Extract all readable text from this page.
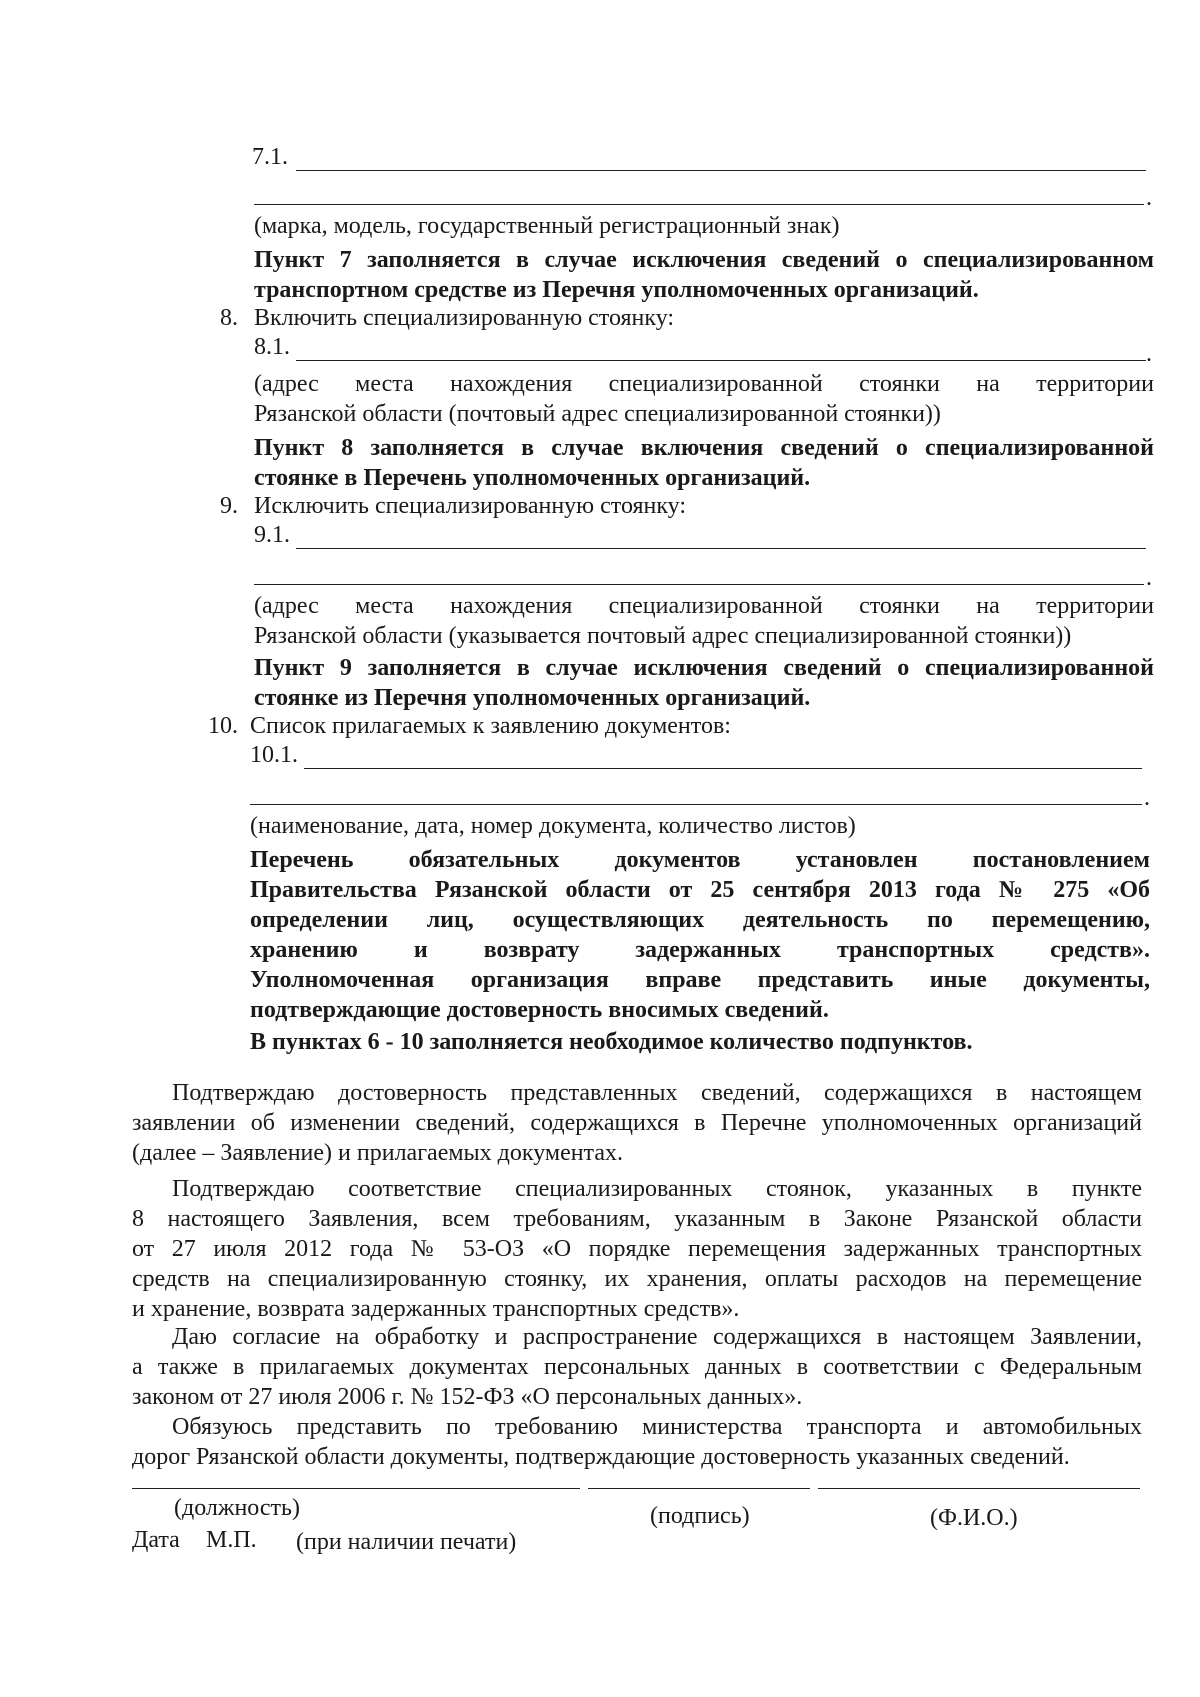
7.1.
.
(марка, модель, государственный регистрационный знак)
Пункт 7 заполняется в случае исключения сведений о специализированном
транспортном средстве из Перечня уполномоченных организаций.
8. Включить специализированную стоянку:
8.1.	.
(адрес места нахождения специализированной стоянки на территории
Рязанской области (почтовый адрес специализированной стоянки))
Пункт 8 заполняется в случае включения сведений о специализированной
стоянке в Перечень уполномоченных организаций.
9. Исключить специализированную стоянку:
9.1.
.
(адрес места нахождения специализированной стоянки на территории
Рязанской области (указывается почтовый адрес специализированной стоянки))
Пункт 9 заполняется в случае исключения сведений о специализированной
стоянке из Перечня уполномоченных организаций.
10. Список прилагаемых к заявлению документов:
10.1.
.
(наименование, дата, номер документа, количество листов)
Перечень обязательных документов установлен постановлением
Правительства Рязанской области от 25 сентября 2013 года № 275 «Об
определении лиц, осуществляющих деятельность по перемещению,
хранению и возврату задержанных транспортных средств».
Уполномоченная организация вправе представить иные документы,
подтверждающие достоверность вносимых сведений.
В пунктах 6 - 10 заполняется необходимое количество подпунктов.
Подтверждаю достоверность представленных сведений, содержащихся в настоящем
заявлении об изменении сведений, содержащихся в Перечне уполномоченных организаций
(далее – Заявление) и прилагаемых документах.
Подтверждаю соответствие специализированных стоянок, указанных в пункте
8 настоящего Заявления, всем требованиям, указанным в Законе Рязанской области
от 27 июля 2012 года № 53-ОЗ «О порядке перемещения задержанных транспортных
средств на специализированную стоянку, их хранения, оплаты расходов на перемещение
и хранение, возврата задержанных транспортных средств».
Даю согласие на обработку и распространение содержащихся в настоящем Заявлении,
а также в прилагаемых документах персональных данных в соответствии с Федеральным
законом от 27 июля 2006 г. № 152-ФЗ «О персональных данных».
Обязуюсь представить по требованию министерства транспорта и автомобильных
дорог Рязанской области документы, подтверждающие достоверность указанных сведений.
(должность)	(подпись)	(Ф.И.О.)
Дата М.П. (при наличии печати)
